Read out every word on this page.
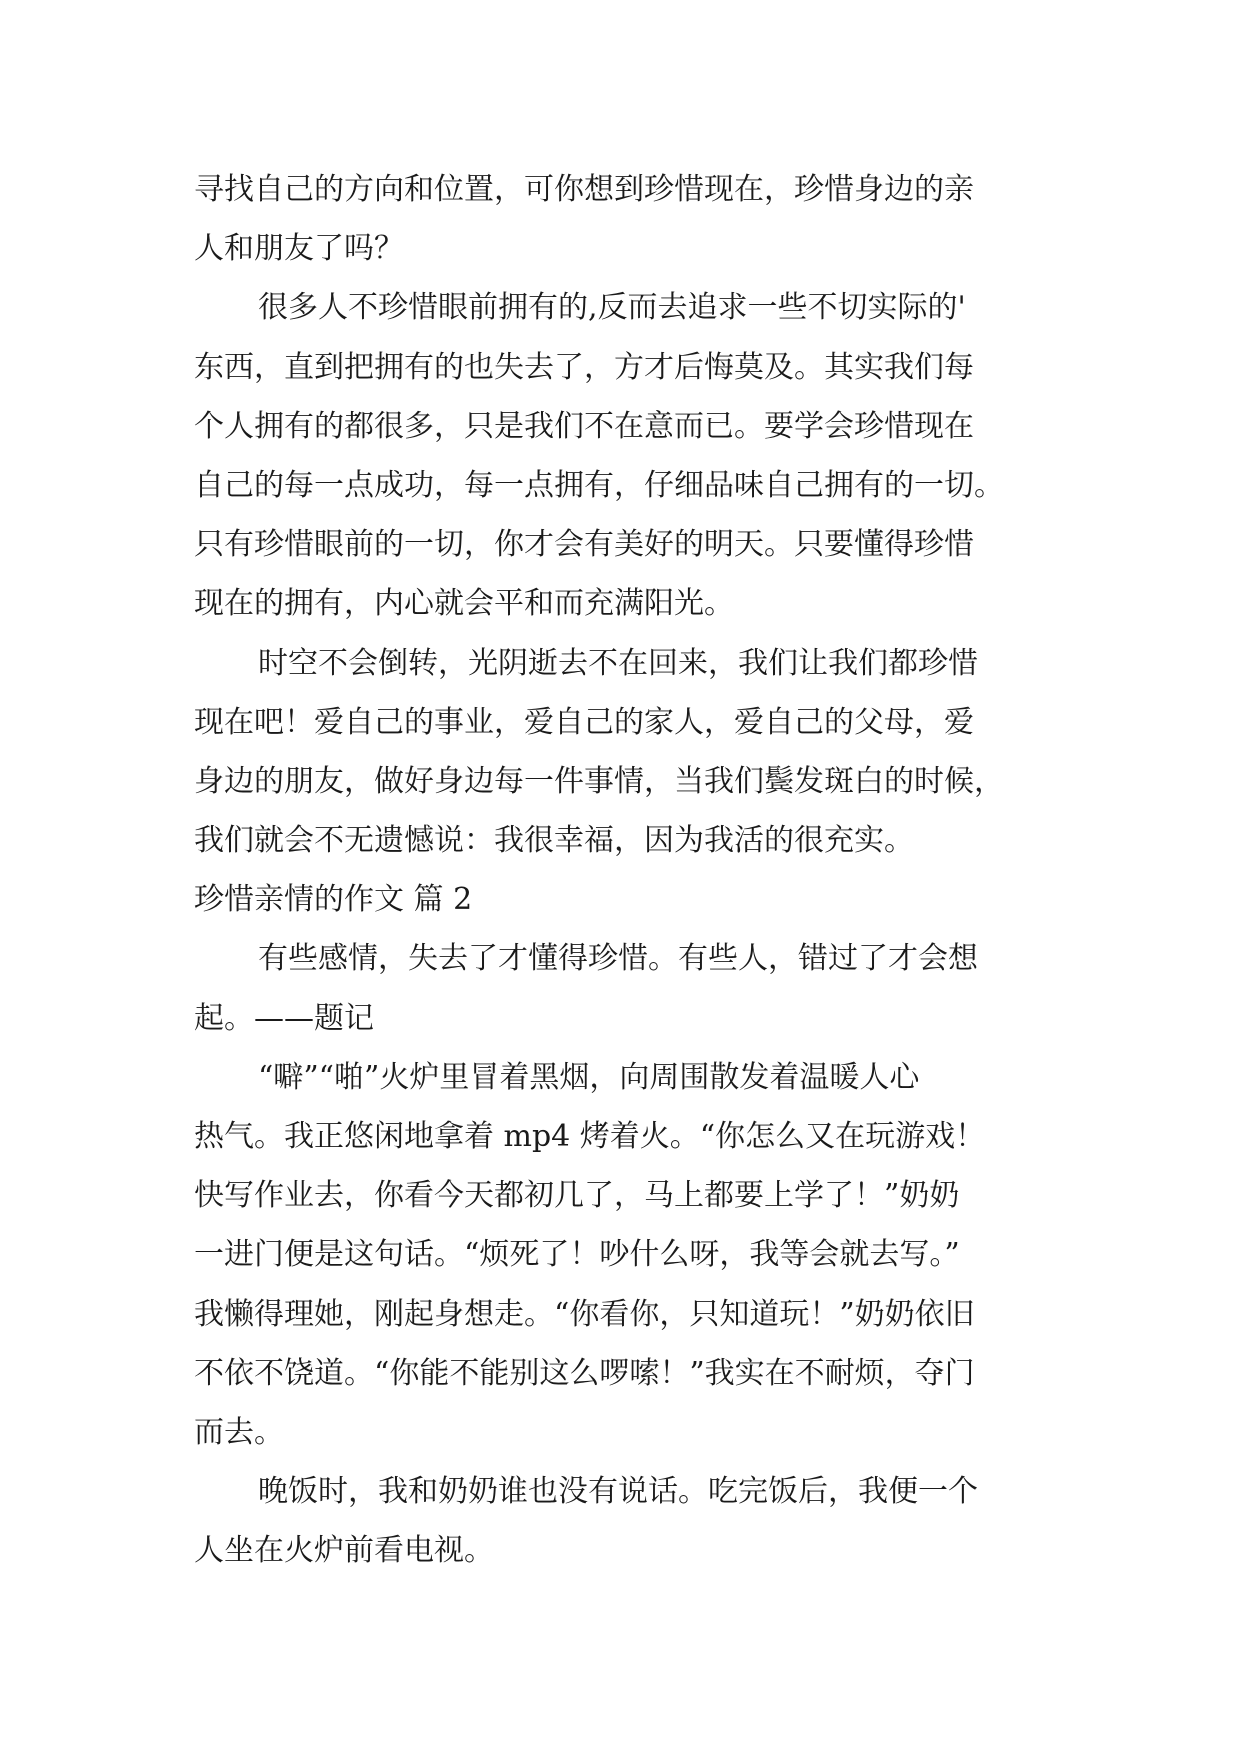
寻找自己的方向和位置，可你想到珍惜现在，珍惜身边的亲
人和朋友了吗？
很多人不珍惜眼前拥有的,反而去追求一些不切实际的'
东西，直到把拥有的也失去了，方才后悔莫及。其实我们每
个人拥有的都很多，只是我们不在意而已。要学会珍惜现在
自己的每一点成功，每一点拥有，仔细品味自己拥有的一切。
只有珍惜眼前的一切，你才会有美好的明天。只要懂得珍惜
现在的拥有，内心就会平和而充满阳光。
时空不会倒转，光阴逝去不在回来，我们让我们都珍惜
现在吧！爱自己的事业，爱自己的家人，爱自己的父母，爱
身边的朋友，做好身边每一件事情，当我们鬓发斑白的时候，
我们就会不无遗憾说：我很幸福，因为我活的很充实。
珍惜亲情的作文 篇 2
有些感情，失去了才懂得珍惜。有些人，错过了才会想
起。——题记
“噼”“啪”火炉里冒着黑烟，向周围散发着温暖人心
热气。我正悠闲地拿着 mp4 烤着火。“你怎么又在玩游戏！
快写作业去，你看今天都初几了，马上都要上学了！”奶奶
一进门便是这句话。“烦死了！吵什么呀，我等会就去写。”
我懒得理她，刚起身想走。“你看你，只知道玩！”奶奶依旧
不依不饶道。“你能不能别这么啰嗦！”我实在不耐烦，夺门
而去。
晚饭时，我和奶奶谁也没有说话。吃完饭后，我便一个
人坐在火炉前看电视。
